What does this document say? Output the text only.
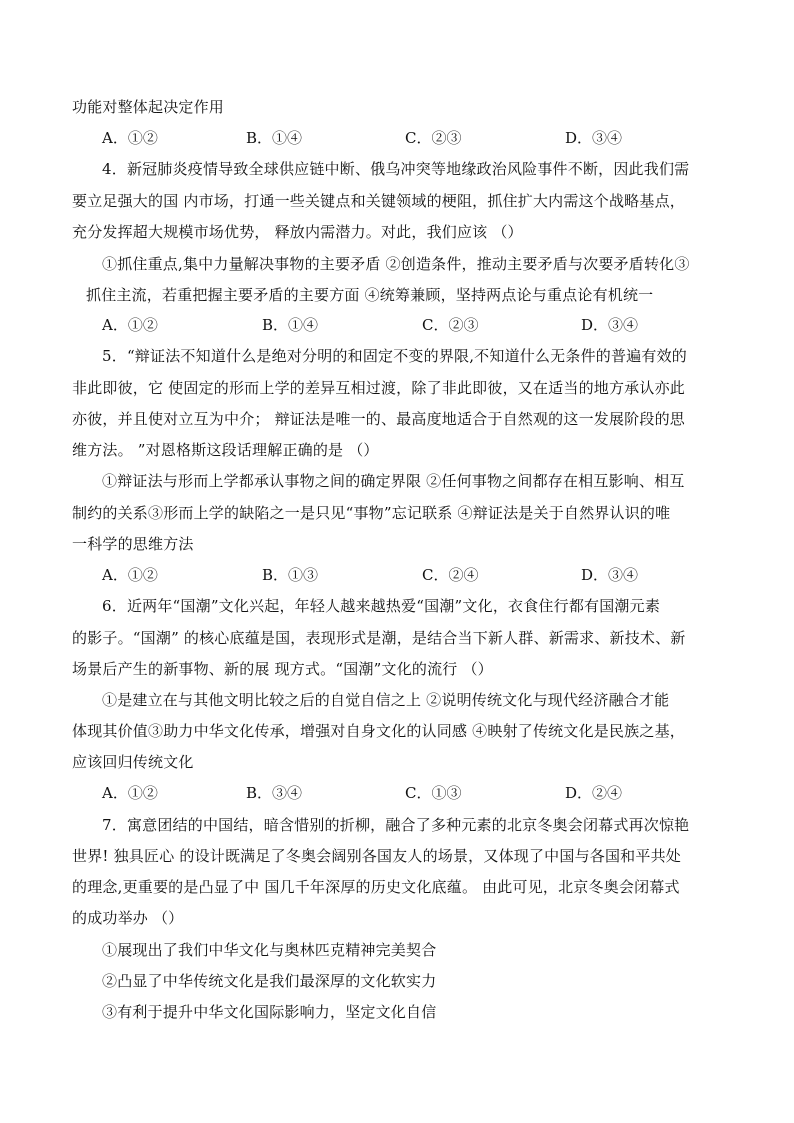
功能对整体起决定作用
A．①②	B．①④	C．②③	D．③④
4．新冠肺炎疫情导致全球供应链中断、俄乌冲突等地缘政治风险事件不断，因此我们需
要立足强大的国 内市场，打通一些关键点和关键领域的梗阻，抓住扩大内需这个战略基点，
充分发挥超大规模市场优势， 释放内需潜力。对此，我们应该 （）
①抓住重点,集中力量解决事物的主要矛盾 ②创造条件，推动主要矛盾与次要矛盾转化③
抓住主流，若重把握主要矛盾的主要方面 ④统筹兼顾，坚持两点论与重点论有机统一
A．①②	B．①④	C．②③	D．③④
5．“辩证法不知道什么是绝对分明的和固定不变的界限,不知道什么无条件的普遍有效的
非此即彼，它 使固定的形而上学的差异互相过渡，除了非此即彼，又在适当的地方承认亦此
亦彼，并且使对立互为中介； 辩证法是唯一的、最高度地适合于自然观的这一发展阶段的思
维方法。 ”对恩格斯这段话理解正确的是 （）
①辩证法与形而上学都承认事物之间的确定界限 ②任何事物之间都存在相互影响、相互
制约的关系③形而上学的缺陷之一是只见“事物”忘记联系 ④辩证法是关于自然界认识的唯
一科学的思维方法
A．①②	B．①③	C．②④	D．③④
6．近两年“国潮”文化兴起，年轻人越来越热爱“国潮”文化，衣食住行都有国潮元素
的影子。“国潮” 的核心底蕴是国，表现形式是潮，是结合当下新人群、新需求、新技术、新
场景后产生的新事物、新的展 现方式。“国潮”文化的流行 （）
①是建立在与其他文明比较之后的自觉自信之上 ②说明传统文化与现代经济融合才能
体现其价值③助力中华文化传承，增强对自身文化的认同感 ④映射了传统文化是民族之基，
应该回归传统文化
A．①②	B．③④	C．①③	D．②④
7．寓意团结的中国结，暗含惜别的折柳，融合了多种元素的北京冬奥会闭幕式再次惊艳
世界! 独具匠心 的设计既满足了冬奥会阔别各国友人的场景，又体现了中国与各国和平共处
的理念,更重要的是凸显了中 国几千年深厚的历史文化底蕴。 由此可见，北京冬奥会闭幕式
的成功举办 （）
①展现出了我们中华文化与奥林匹克精神完美契合
②凸显了中华传统文化是我们最深厚的文化软实力
③有利于提升中华文化国际影响力，坚定文化自信
